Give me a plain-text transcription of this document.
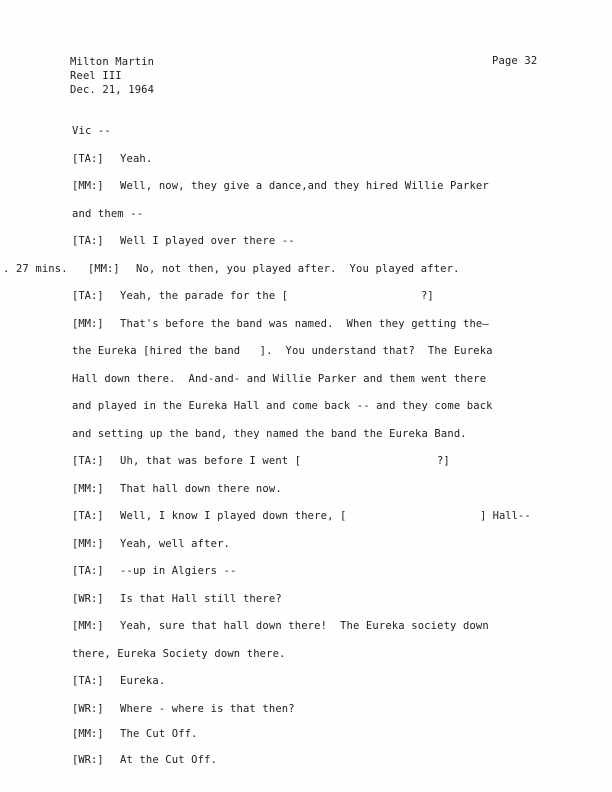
Milton Martin
Reel III
Dec. 21, 1964
Page 32
Vic --
[TA:] Yeah.
[MM:] Well, now, they give a dance,and they hired Willie Parker
and them --
[TA:] Well I played over there --
. 27 mins. [MM:] No, not then, you played after.  You played after.
[TA:] Yeah, the parade for the [	?]
[MM:] That's before the band was named.  When they getting the—
the Eureka [hired the band   ].  You understand that?  The Eureka
Hall down there.  And-and- and Willie Parker and them went there
and played in the Eureka Hall and come back -- and they come back
and setting up the band, they named the band the Eureka Band.
[TA:] Uh, that was before I went [	?]
[MM:] That hall down there now.
[TA:] Well, I know I played down there, [	] Hall--
[MM:] Yeah, well after.
[TA:] --up in Algiers --
[WR:] Is that Hall still there?
[MM:] Yeah, sure that hall down there!  The Eureka society down
there, Eureka Society down there.
[TA:] Eureka.
[WR:] Where - where is that then?
[MM:] The Cut Off.
[WR:] At the Cut Off.
